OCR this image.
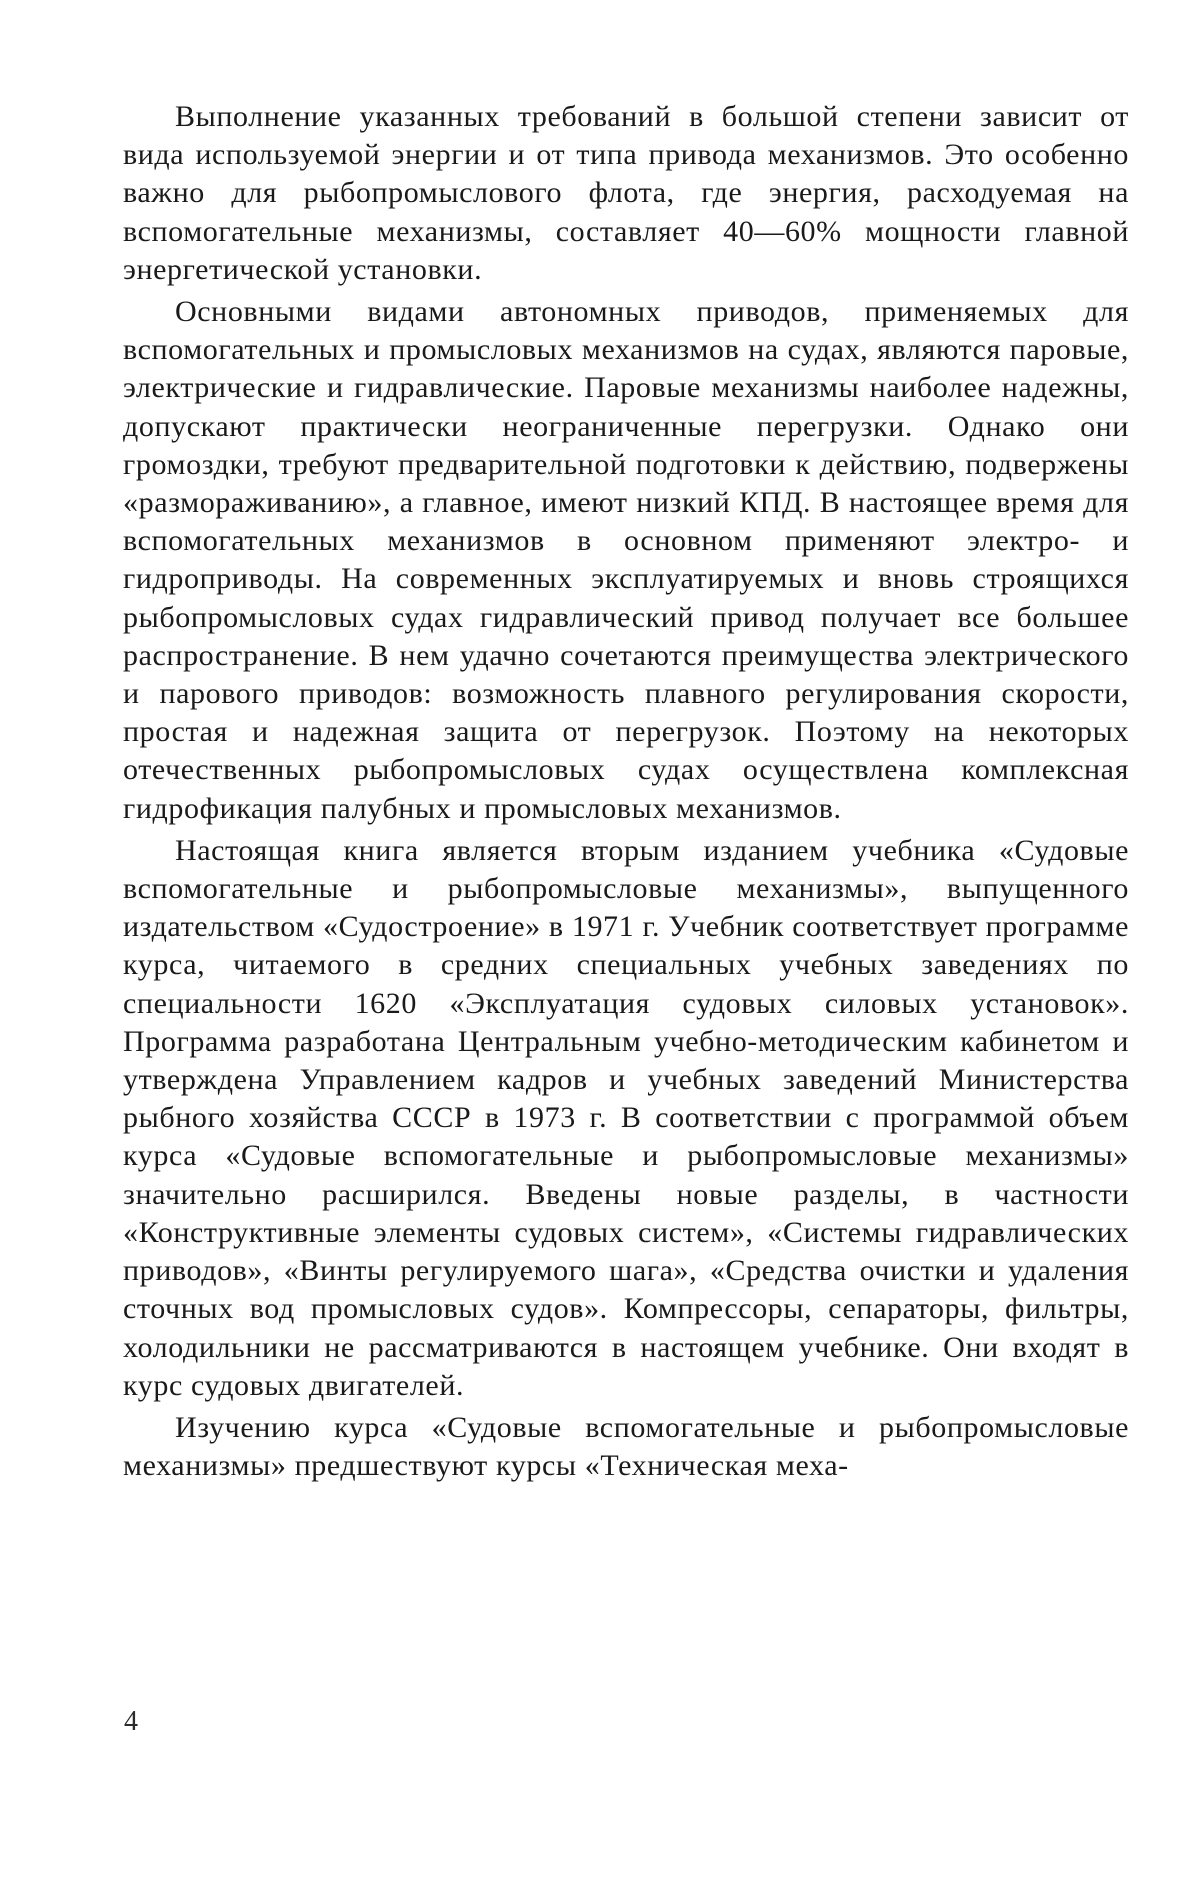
Выполнение указанных требований в большой степени зависит от вида используемой энергии и от типа привода механизмов. Это особенно важно для рыбопромыслового флота, где энергия, расходуемая на вспомогательные механизмы, составляет 40—60% мощности главной энергетической установки.

Основными видами автономных приводов, применяемых для вспомогательных и промысловых механизмов на судах, являются паровые, электрические и гидравлические. Паровые механизмы наиболее надежны, допускают практически неограниченные перегрузки. Однако они громоздки, требуют предварительной подготовки к действию, подвержены «размораживанию», а главное, имеют низкий КПД. В настоящее время для вспомогательных механизмов в основном применяют электро- и гидроприводы. На современных эксплуатируемых и вновь строящихся рыбопромысловых судах гидравлический привод получает все большее распространение. В нем удачно сочетаются преимущества электрического и парового приводов: возможность плавного регулирования скорости, простая и надежная защита от перегрузок. Поэтому на некоторых отечественных рыбопромысловых судах осуществлена комплексная гидрофикация палубных и промысловых механизмов.

Настоящая книга является вторым изданием учебника «Судовые вспомогательные и рыбопромысловые механизмы», выпущенного издательством «Судостроение» в 1971 г. Учебник соответствует программе курса, читаемого в средних специальных учебных заведениях по специальности 1620 «Эксплуатация судовых силовых установок». Программа разработана Центральным учебно-методическим кабинетом и утверждена Управлением кадров и учебных заведений Министерства рыбного хозяйства СССР в 1973 г. В соответствии с программой объем курса «Судовые вспомогательные и рыбопромысловые механизмы» значительно расширился. Введены новые разделы, в частности «Конструктивные элементы судовых систем», «Системы гидравлических приводов», «Винты регулируемого шага», «Средства очистки и удаления сточных вод промысловых судов». Компрессоры, сепараторы, фильтры, холодильники не рассматриваются в настоящем учебнике. Они входят в курс судовых двигателей.

Изучению курса «Судовые вспомогательные и рыбопромысловые механизмы» предшествуют курсы «Техническая меха-

4
